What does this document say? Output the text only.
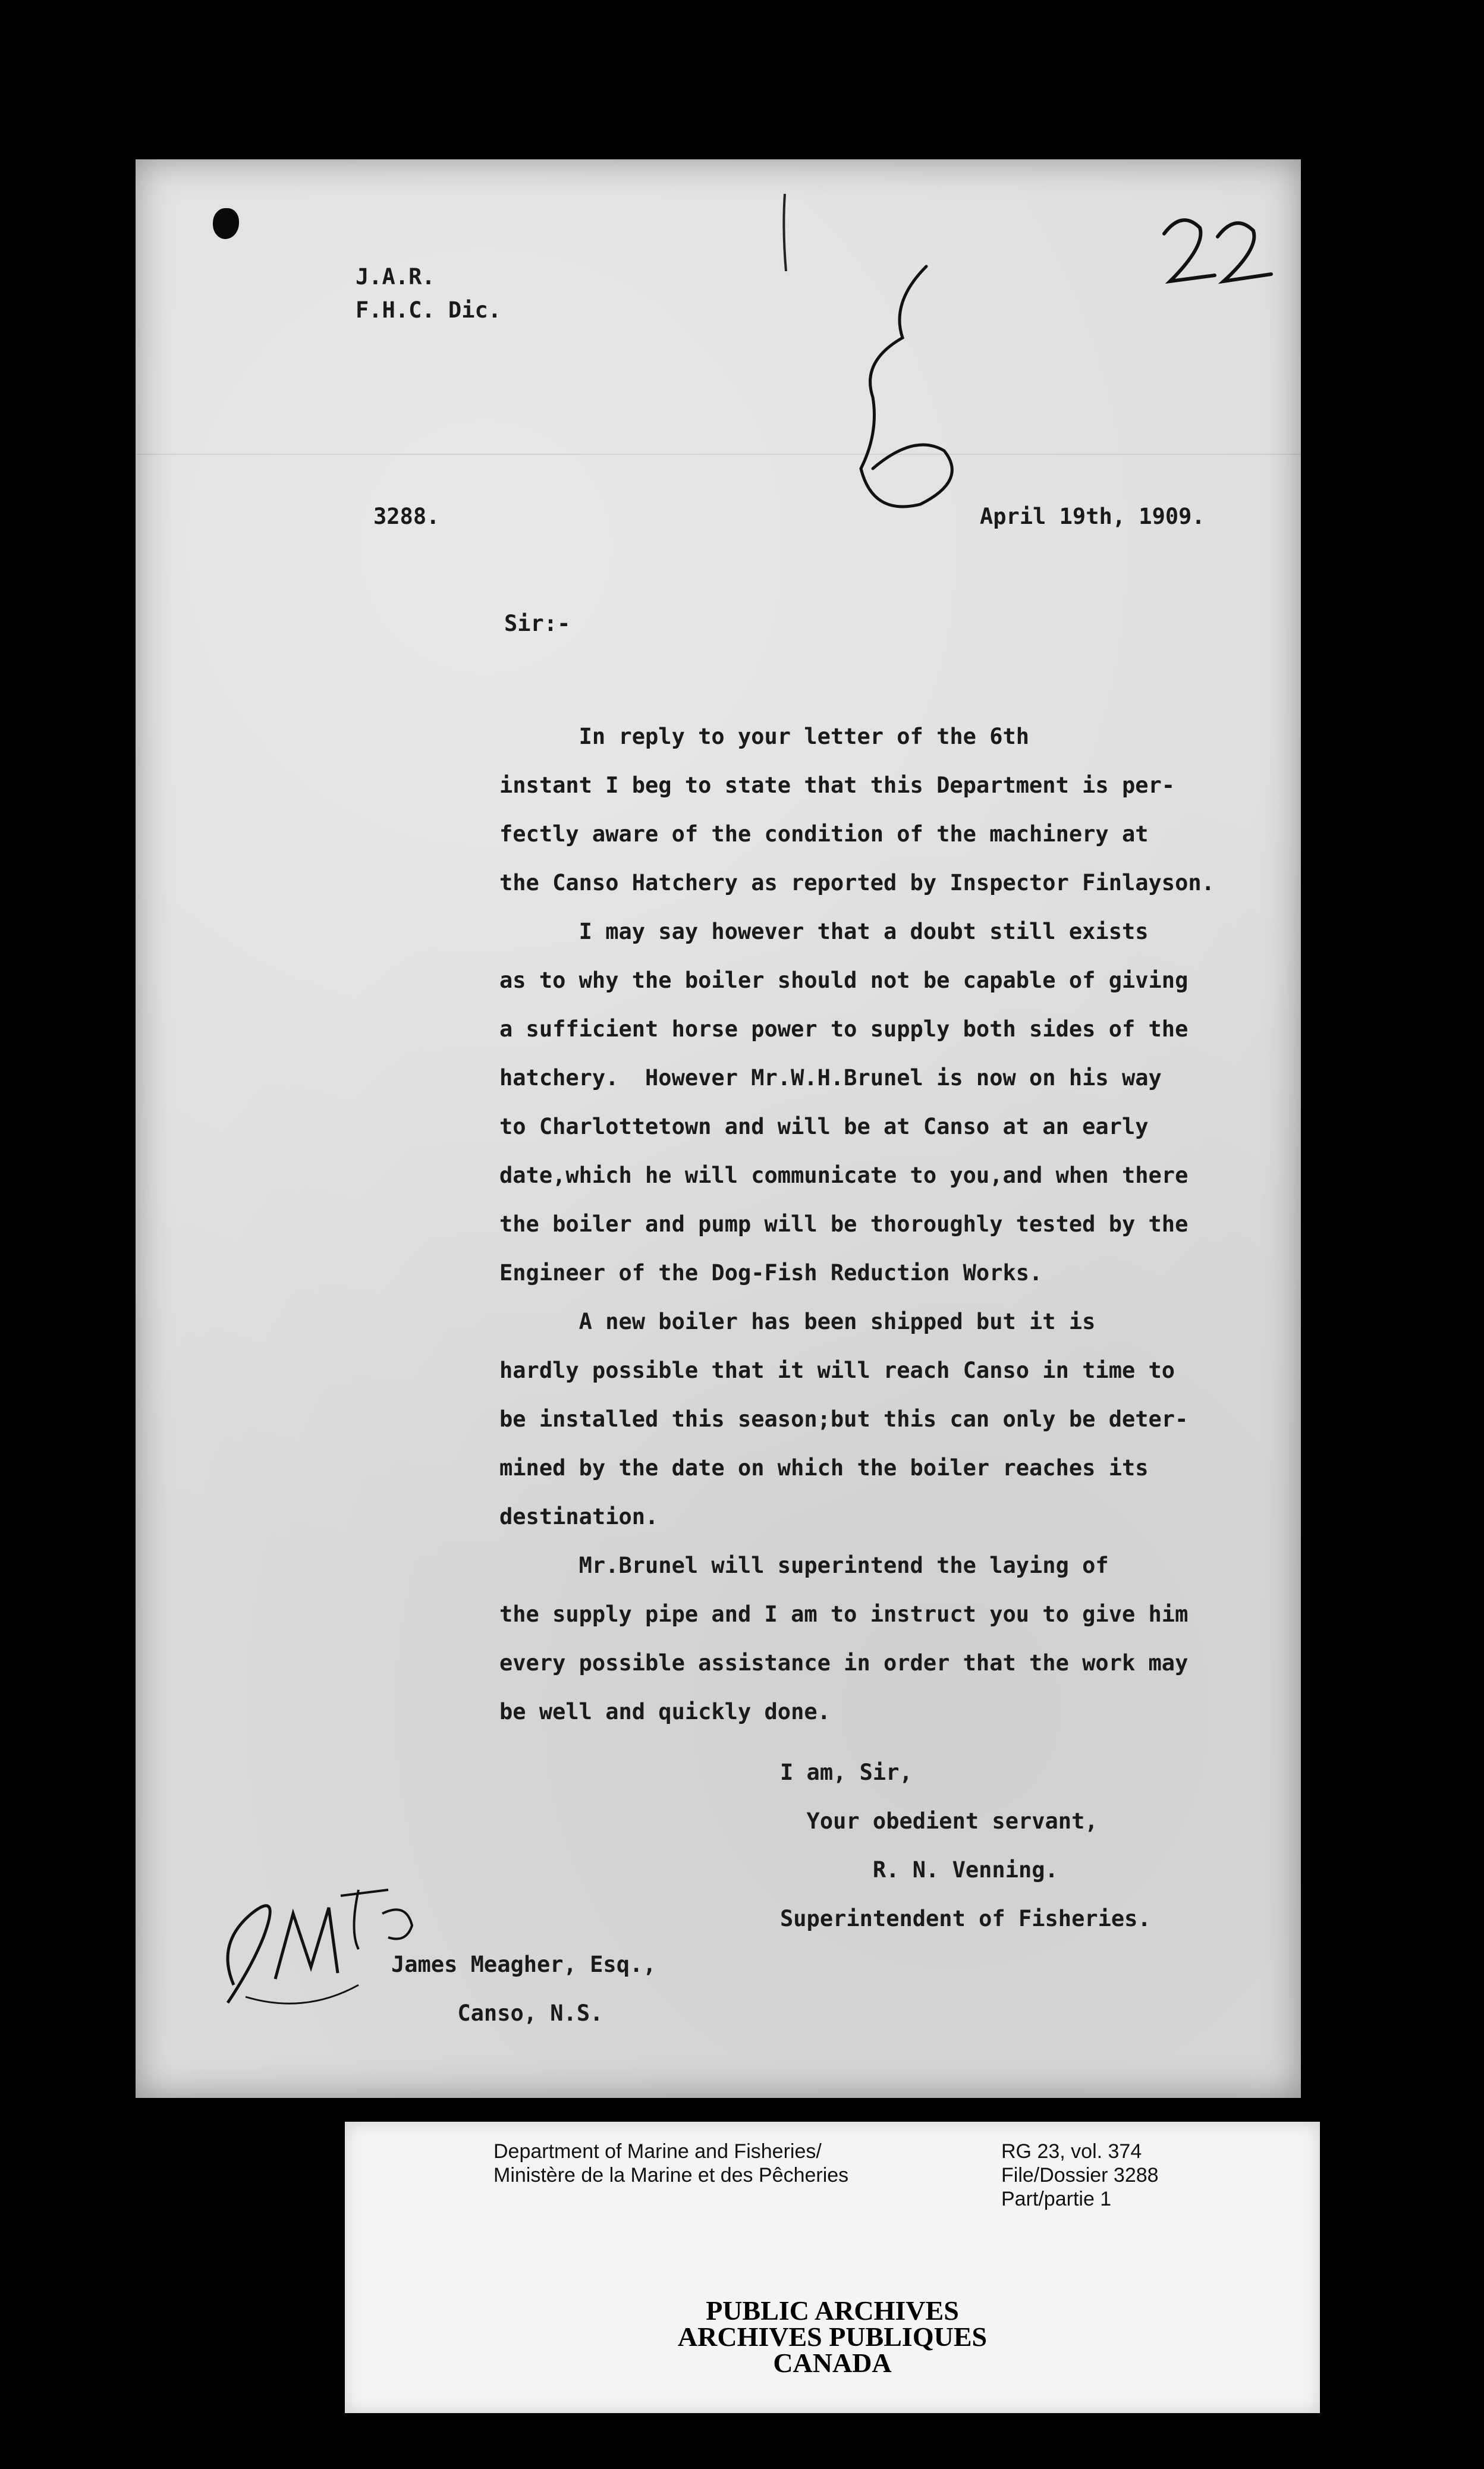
J.A.R.
F.H.C. Dic.
3288.	April 19th, 1909.
Sir:-
In reply to your letter of the 6th
instant I beg to state that this Department is per-
fectly aware of the condition of the machinery at
the Canso Hatchery as reported by Inspector Finlayson.
I may say however that a doubt still exists
as to why the boiler should not be capable of giving
a sufficient horse power to supply both sides of the
hatchery.  However Mr.W.H.Brunel is now on his way
to Charlottetown and will be at Canso at an early
date,which he will communicate to you,and when there
the boiler and pump will be thoroughly tested by the
Engineer of the Dog-Fish Reduction Works.
A new boiler has been shipped but it is
hardly possible that it will reach Canso in time to
be installed this season;but this can only be deter-
mined by the date on which the boiler reaches its
destination.
Mr.Brunel will superintend the laying of
the supply pipe and I am to instruct you to give him
every possible assistance in order that the work may
be well and quickly done.
I am, Sir,
Your obedient servant,
R. N. Venning.
Superintendent of Fisheries.
James Meagher, Esq.,
Canso, N.S.
Department of Marine and Fisheries/
Ministère de la Marine et des Pêcheries
RG 23, vol. 374
File/Dossier 3288
Part/partie 1
PUBLIC ARCHIVES
ARCHIVES PUBLIQUES
CANADA
